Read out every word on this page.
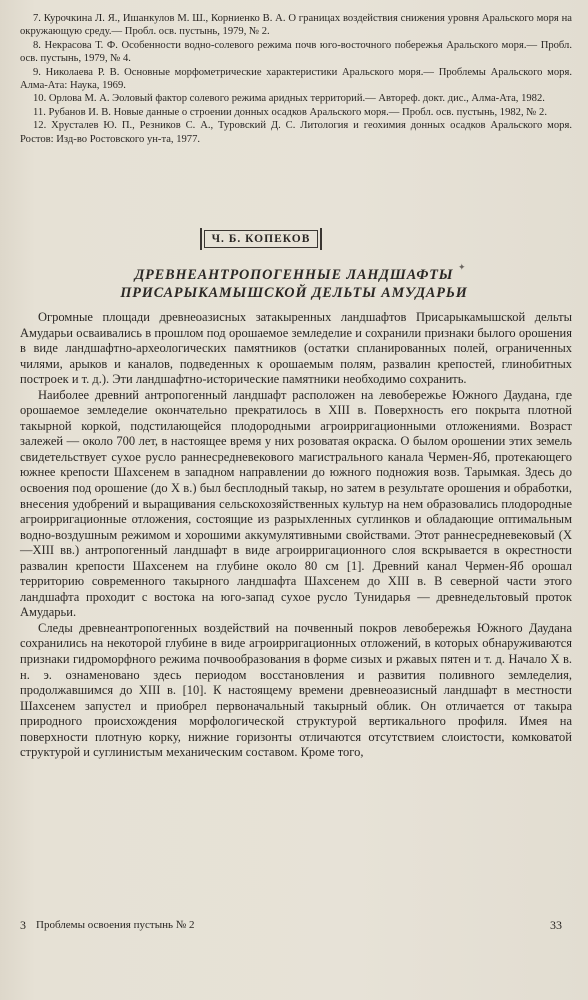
7. Курочкина Л. Я., Ишанкулов М. Ш., Корниенко В. А. О границах воздействия снижения уровня Аральского моря на окружающую среду.— Пробл. осв. пустынь, 1979, № 2.
8. Некрасова Т. Ф. Особенности водно-солевого режима почв юго-восточного побережья Аральского моря.— Пробл. осв. пустынь, 1979, № 4.
9. Николаева Р. В. Основные морфометрические характеристики Аральского моря.— Проблемы Аральского моря. Алма-Ата: Наука, 1969.
10. Орлова М. А. Эоловый фактор солевого режима аридных территорий.— Автореф. докт. дис., Алма-Ата, 1982.
11. Рубанов И. В. Новые данные о строении донных осадков Аральского моря.— Пробл. осв. пустынь, 1982, № 2.
12. Хрусталев Ю. П., Резников С. А., Туровский Д. С. Литология и геохимия донных осадков Аральского моря. Ростов: Изд-во Ростовского ун-та, 1977.
Ч. Б. КОПЕКОВ
✦
ДРЕВНЕАНТРОПОГЕННЫЕ ЛАНДШАФТЫ
ПРИСАРЫКАМЫШСКОЙ ДЕЛЬТЫ АМУДАРЬИ

Огромные площади древнеоазисных затакыренных ландшафтов Присарыкамышской дельты Амударьи осваивались в прошлом под орошаемое земледелие и сохранили признаки былого орошения в виде ландшафтно-археологических памятников (остатки спланированных полей, ограниченных чилями, арыков и каналов, подведенных к орошаемым полям, развалин крепостей, глинобитных построек и т. д.). Эти ландшафтно-исторические памятники необходимо сохранить.

Наиболее древний антропогенный ландшафт расположен на левобережье Южного Даудана, где орошаемое земледелие окончательно прекратилось в XIII в. Поверхность его покрыта плотной такырной коркой, подстилающейся плодородными агроирригационными отложениями. Возраст залежей — около 700 лет, в настоящее время у них розоватая окраска. О былом орошении этих земель свидетельствует сухое русло раннесредневекового магистрального канала Чермен-Яб, протекающего южнее крепости Шахсенем в западном направлении до южного подножия возв. Тарымкая. Здесь до освоения под орошение (до X в.) был бесплодный такыр, но затем в результате орошения и обработки, внесения удобрений и выращивания сельскохозяйственных культур на нем образовались плодородные агроирригационные отложения, состоящие из разрыхленных суглинков и обладающие оптимальным водно-воздушным режимом и хорошими аккумулятивными свойствами. Этот раннесредневековый (X—XIII вв.) антропогенный ландшафт в виде агроирригационного слоя вскрывается в окрестности развалин крепости Шахсенем на глубине около 80 см [1]. Древний канал Чермен-Яб орошал территорию современного такырного ландшафта Шахсенем до XIII в. В северной части этого ландшафта проходит с востока на юго-запад сухое русло Тунидарья — древнедельтовый проток Амударьи.

Следы древнеантропогенных воздействий на почвенный покров левобережья Южного Даудана сохранились на некоторой глубине в виде агроирригационных отложений, в которых обнаруживаются признаки гидроморфного режима почвообразования в форме сизых и ржавых пятен и т. д. Начало X в. н. э. ознаменовано здесь периодом восстановления и развития поливного земледелия, продолжавшимся до XIII в. [10]. К настоящему времени древнеоазисный ландшафт в местности Шахсенем запустел и приобрел первоначальный такырный облик. Он отличается от такыра природного происхождения морфологической структурой вертикального профиля. Имея на поверхности плотную корку, нижние горизонты отличаются отсутствием слоистости, комковатой структурой и суглинистым механическим составом. Кроме того,

3 Проблемы освоения пустынь № 2	33
